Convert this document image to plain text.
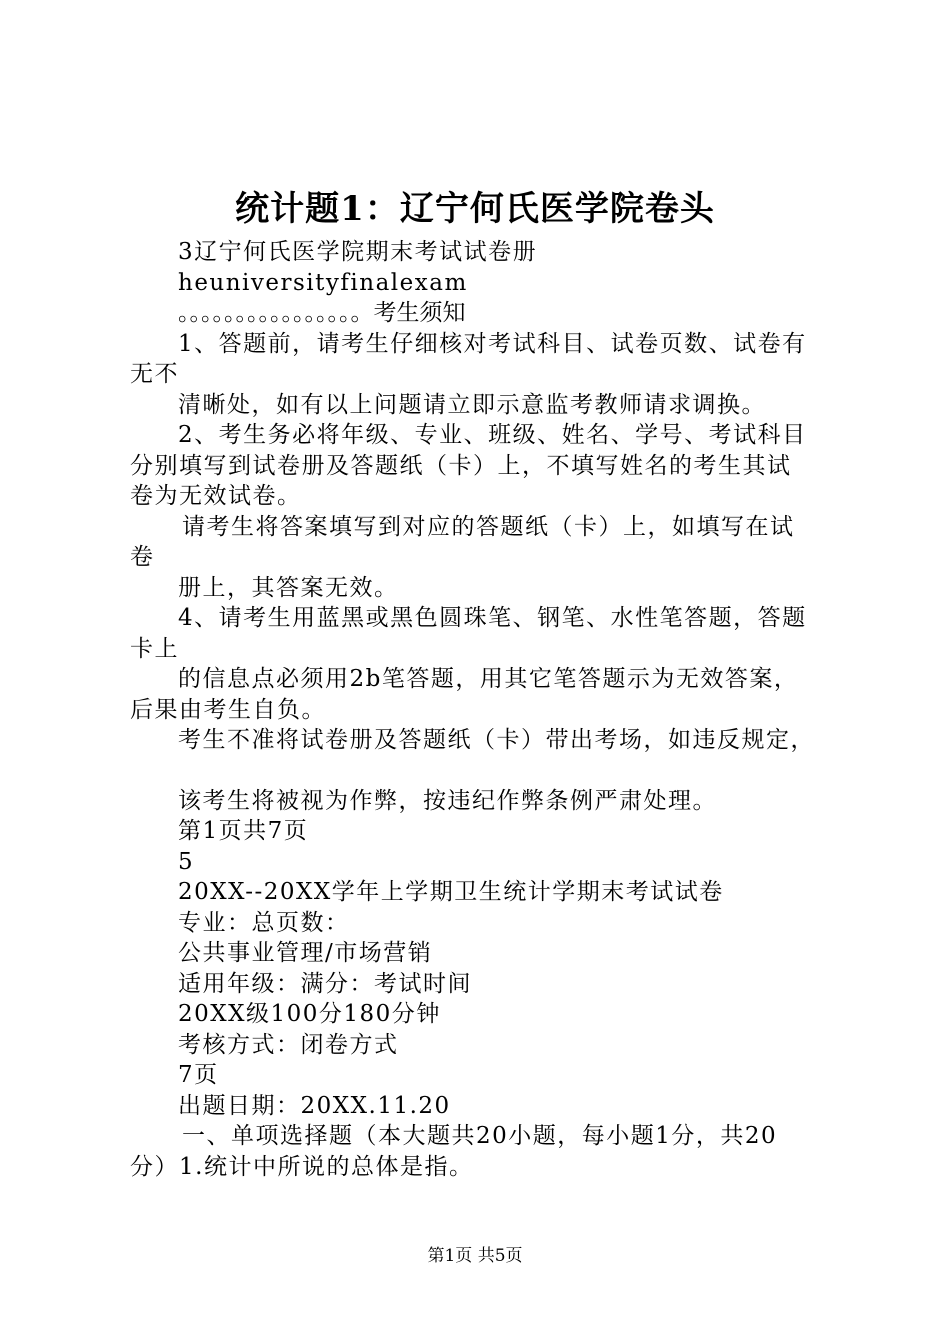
统计题1：辽宁何氏医学院卷头
3辽宁何氏医学院期末考试试卷册
heuniversityfinalexam
。。。。。。。。。。。。。。。。考生须知
1、答题前，请考生仔细核对考试科目、试卷页数、试卷有
无不
清晰处，如有以上问题请立即示意监考教师请求调换。
2、考生务必将年级、专业、班级、姓名、学号、考试科目
分别填写到试卷册及答题纸（卡）上，不填写姓名的考生其试
卷为无效试卷。
请考生将答案填写到对应的答题纸（卡）上，如填写在试
卷
册上，其答案无效。
4、请考生用蓝黑或黑色圆珠笔、钢笔、水性笔答题，答题
卡上
的信息点必须用2b笔答题，用其它笔答题示为无效答案，
后果由考生自负。
考生不准将试卷册及答题纸（卡）带出考场，如违反规定，
该考生将被视为作弊，按违纪作弊条例严肃处理。
第1页共7页
5
20XX--20XX学年上学期卫生统计学期末考试试卷
专业：总页数：
公共事业管理/市场营销
适用年级：满分：考试时间
20XX级100分180分钟
考核方式：闭卷方式
7页
出题日期：20XX.11.20
一、单项选择题（本大题共20小题，每小题1分，共20
分）1.统计中所说的总体是指。
第1页 共5页
